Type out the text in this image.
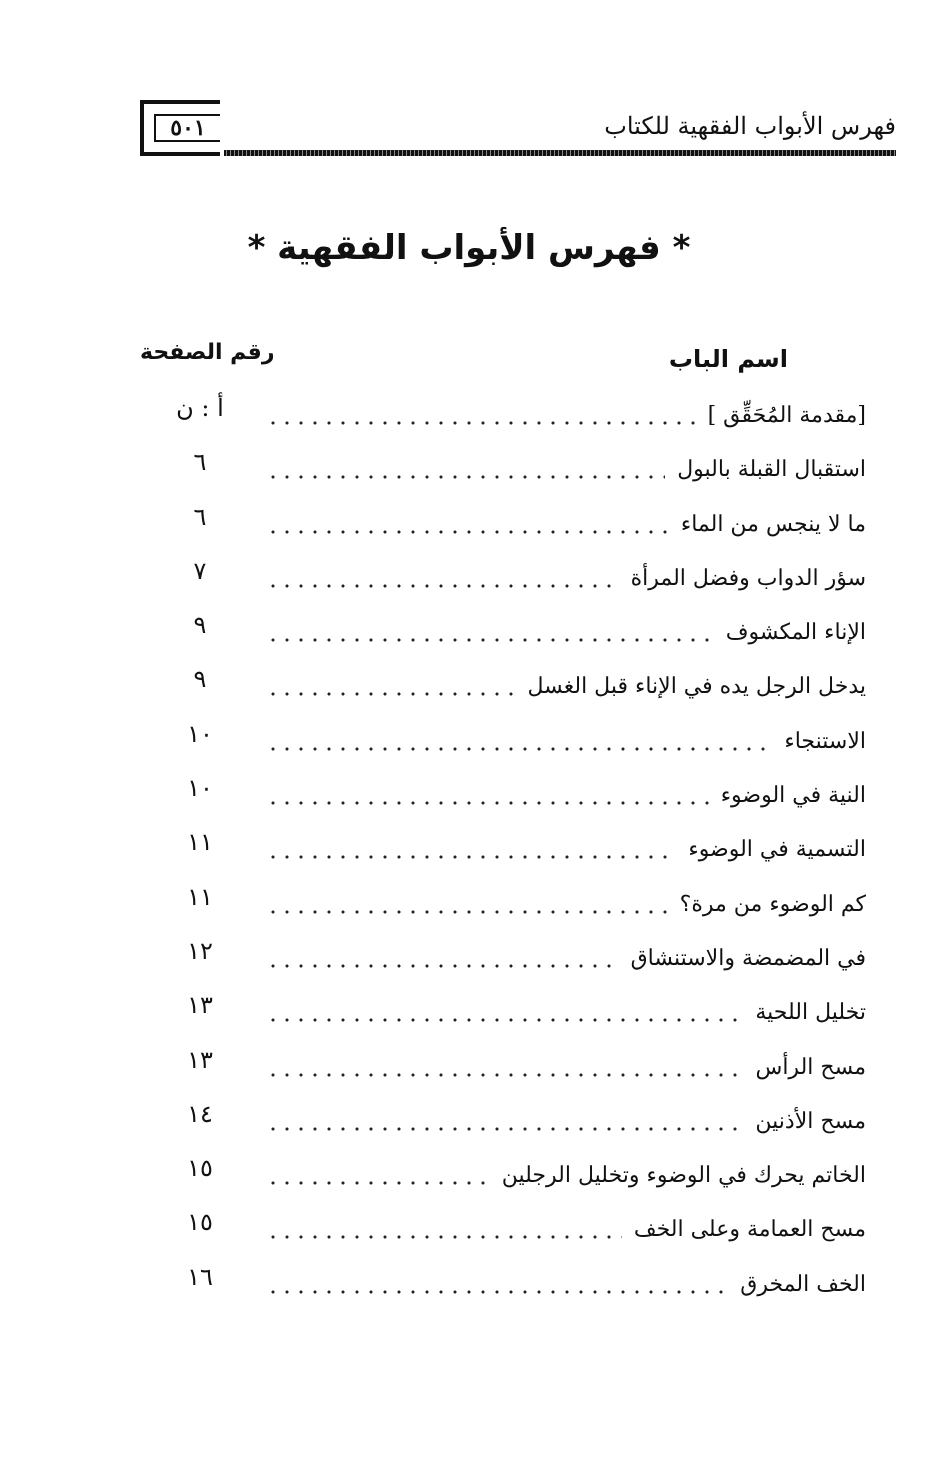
٥٠١	فهرس الأبواب الفقهية للكتاب
* فهرس الأبواب الفقهية *
اسم الباب
رقم الصفحة
[مقدمة المُحَقِّق ]
أ : ن
استقبال القبلة بالبول
٦
ما لا ينجس من الماء
٦
سؤر الدواب وفضل المرأة
٧
الإناء المكشوف
٩
يدخل الرجل يده في الإناء قبل الغسل
٩
الاستنجاء
١٠
النية في الوضوء
١٠
التسمية في الوضوء
١١
كم الوضوء من مرة؟
١١
في المضمضة والاستنشاق
١٢
تخليل اللحية
١٣
مسح الرأس
١٣
مسح الأذنين
١٤
الخاتم يحرك في الوضوء وتخليل الرجلين
١٥
مسح العمامة وعلى الخف
١٥
الخف المخرق
١٦
